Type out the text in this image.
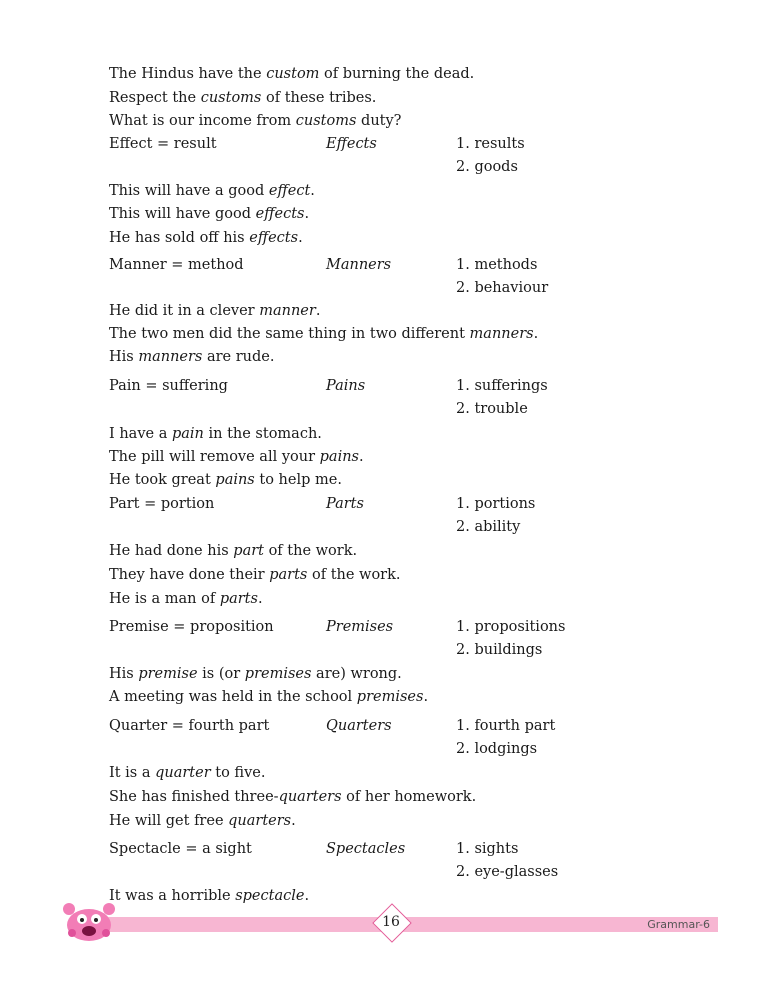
The Hindus have the custom of burning the dead.
Respect the customs of these tribes.
What is our income from customs duty?
Effect = result	Effects	1. results
2. goods
This will have a good effect.
This will have good effects.
He has sold off his effects.
Manner = method	Manners	1. methods
2. behaviour
He did it in a clever manner.
The two men did the same thing in two different manners.
His manners are rude.
Pain = suffering	Pains	1. sufferings
2. trouble
I have a pain in the stomach.
The pill will remove all your pains.
He took great pains to help me.
Part = portion	Parts	1. portions
2. ability
He had done his part of the work.
They have done their parts of the work.
He is a man of parts.
Premise = proposition	Premises	1. propositions
2. buildings
His premise is (or premises are) wrong.
A meeting was held in the school premises.
Quarter = fourth part	Quarters	1. fourth part
2. lodgings
It is a quarter to five.
She has finished three-quarters of her homework.
He will get free quarters.
Spectacle = a sight	Spectacles	1. sights
2. eye-glasses
It was a horrible spectacle.
16	Grammar-6
